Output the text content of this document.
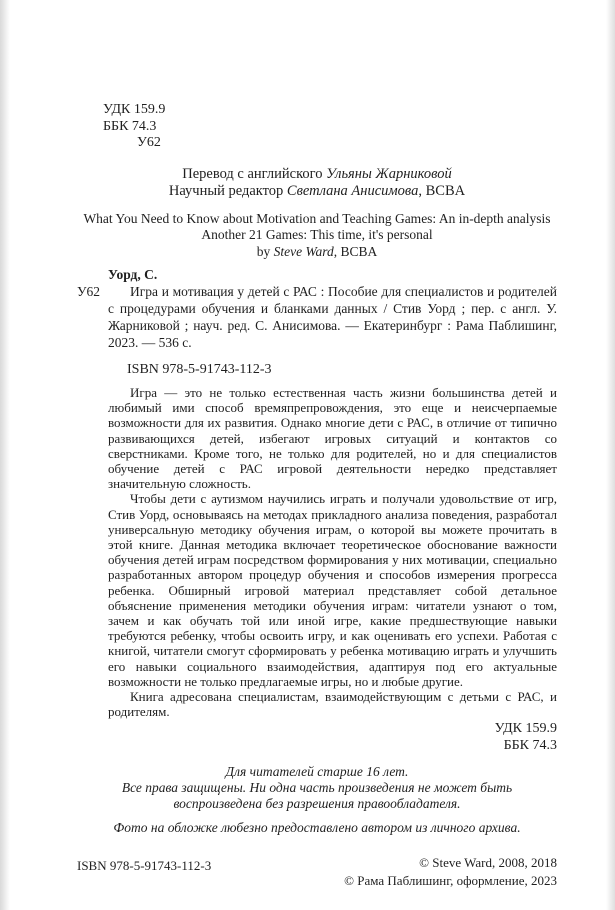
УДК 159.9
ББК 74.3
У62
Перевод с английского Ульяны Жарниковой
Научный редактор Светлана Анисимова, BCBA
What You Need to Know about Motivation and Teaching Games: An in-depth analysis
Another 21 Games: This time, it's personal
by Steve Ward, BCBA
Уорд, С.
У62	Игра и мотивация у детей с РАС : Пособие для специалистов и родителей с процедурами обучения и бланками данных / Стив Уорд ; пер. с англ. У. Жарниковой ; науч. ред. С. Анисимова. — Екатеринбург : Рама Паблишинг, 2023. — 536 с.

ISBN 978-5-91743-112-3

Игра — это не только естественная часть жизни большинства детей и любимый ими способ времяпрепровождения, это еще и неисчерпаемые возможности для их развития. Однако многие дети с РАС, в отличие от типично развивающихся детей, избегают игровых ситуаций и контактов со сверстниками. Кроме того, не только для родителей, но и для специалистов обучение детей с РАС игровой деятельности нередко представляет значительную сложность.

Чтобы дети с аутизмом научились играть и получали удовольствие от игр, Стив Уорд, основываясь на методах прикладного анализа поведения, разработал универсальную методику обучения играм, о которой вы можете прочитать в этой книге. Данная методика включает теоретическое обоснование важности обучения детей играм посредством формирования у них мотивации, специально разработанных автором процедур обучения и способов измерения прогресса ребенка. Обширный игровой материал представляет собой детальное объяснение применения методики обучения играм: читатели узнают о том, зачем и как обучать той или иной игре, какие предшествующие навыки требуются ребенку, чтобы освоить игру, и как оценивать его успехи. Работая с книгой, читатели смогут сформировать у ребенка мотивацию играть и улучшить его навыки социального взаимодействия, адаптируя под его актуальные возможности не только предлагаемые игры, но и любые другие.

Книга адресована специалистам, взаимодействующим с детьми с РАС, и родителям.

УДК 159.9
ББК 74.3
Для читателей старше 16 лет.
Все права защищены. Ни одна часть произведения не может быть воспроизведена без разрешения правообладателя.
Фото на обложке любезно предоставлено автором из личного архива.
ISBN 978-5-91743-112-3	© Steve Ward, 2008, 2018
© Рама Паблишинг, оформление, 2023
